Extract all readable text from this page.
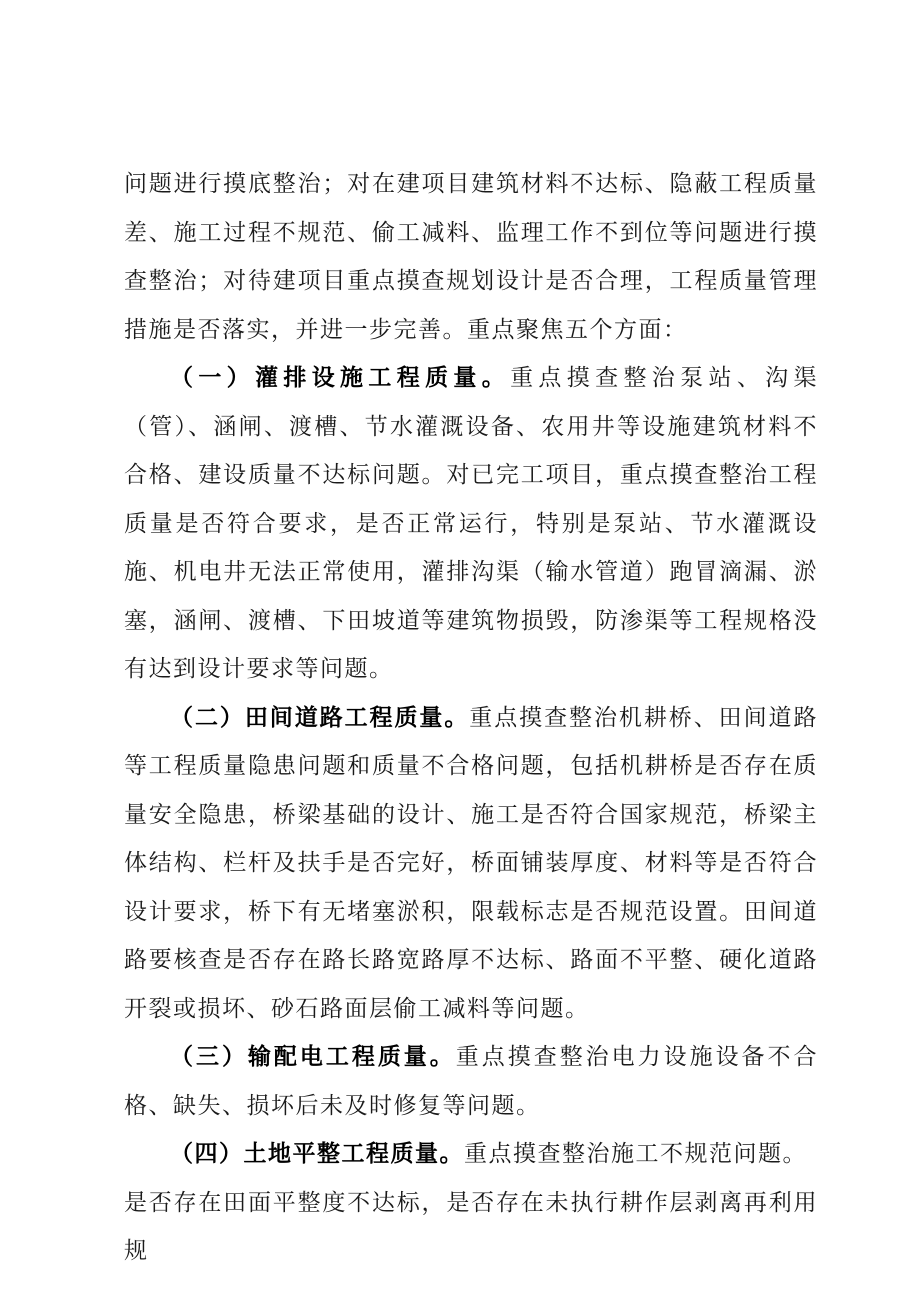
问题进行摸底整治；对在建项目建筑材料不达标、隐蔽工程质量差、施工过程不规范、偷工减料、监理工作不到位等问题进行摸查整治；对待建项目重点摸查规划设计是否合理，工程质量管理措施是否落实，并进一步完善。重点聚焦五个方面：

（一）灌排设施工程质量。重点摸查整治泵站、沟渠（管）、涵闸、渡槽、节水灌溉设备、农用井等设施建筑材料不合格、建设质量不达标问题。对已完工项目，重点摸查整治工程质量是否符合要求，是否正常运行，特别是泵站、节水灌溉设施、机电井无法正常使用，灌排沟渠（输水管道）跑冒滴漏、淤塞，涵闸、渡槽、下田坡道等建筑物损毁，防渗渠等工程规格没有达到设计要求等问题。

（二）田间道路工程质量。重点摸查整治机耕桥、田间道路等工程质量隐患问题和质量不合格问题，包括机耕桥是否存在质量安全隐患，桥梁基础的设计、施工是否符合国家规范，桥梁主体结构、栏杆及扶手是否完好，桥面铺装厚度、材料等是否符合设计要求，桥下有无堵塞淤积，限载标志是否规范设置。田间道路要核查是否存在路长路宽路厚不达标、路面不平整、硬化道路开裂或损坏、砂石路面层偷工减料等问题。

（三）输配电工程质量。重点摸查整治电力设施设备不合格、缺失、损坏后未及时修复等问题。

（四）土地平整工程质量。重点摸查整治施工不规范问题。

是否存在田面平整度不达标，是否存在未执行耕作层剥离再利用规
